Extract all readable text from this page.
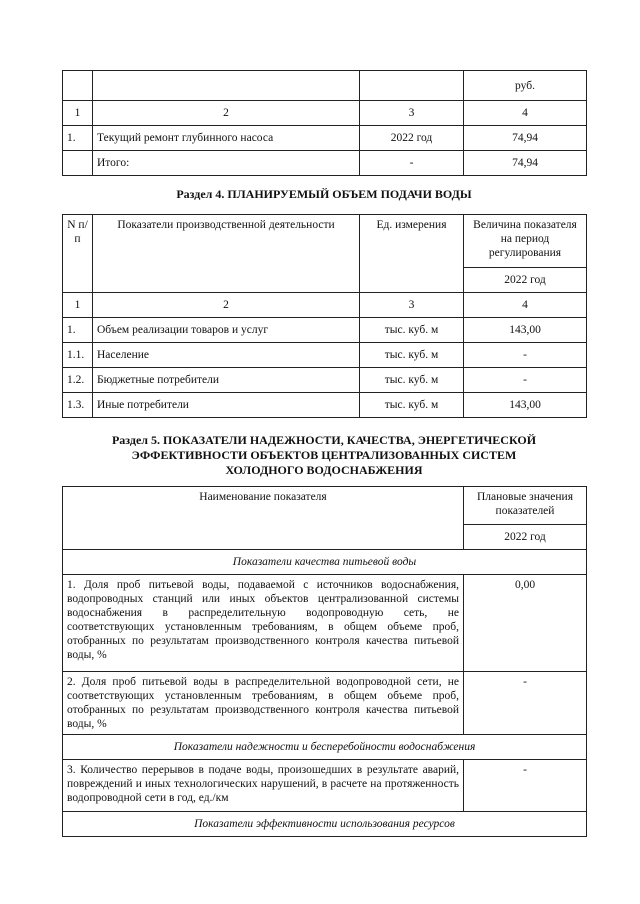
			руб.
1	2	3	4
1.	Текущий ремонт глубинного насоса	2022 год	74,94
	Итого:	-	74,94
Раздел 4. ПЛАНИРУЕМЫЙ ОБЪЕМ ПОДАЧИ ВОДЫ
N п/п	Показатели производственной деятельности	Ед. измерения	Величина показателя на период регулирования
			2022 год
1	2	3	4
1.	Объем реализации товаров и услуг	тыс. куб. м	143,00
1.1.	Население	тыс. куб. м	-
1.2.	Бюджетные потребители	тыс. куб. м	-
1.3.	Иные потребители	тыс. куб. м	143,00
Раздел 5. ПОКАЗАТЕЛИ НАДЕЖНОСТИ, КАЧЕСТВА, ЭНЕРГЕТИЧЕСКОЙ ЭФФЕКТИВНОСТИ ОБЪЕКТОВ ЦЕНТРАЛИЗОВАННЫХ СИСТЕМ ХОЛОДНОГО ВОДОСНАБЖЕНИЯ
Наименование показателя	Плановые значения показателей
	2022 год
Показатели качества питьевой воды	
1. Доля проб питьевой воды, подаваемой с источников водоснабжения, водопроводных станций или иных объектов централизованной системы водоснабжения в распределительную водопроводную сеть, не соответствующих установленным требованиям, в общем объеме проб, отобранных по результатам производственного контроля качества питьевой воды, %	0,00
2. Доля проб питьевой воды в распределительной водопроводной сети, не соответствующих установленным требованиям, в общем объеме проб, отобранных по результатам производственного контроля качества питьевой воды, %	-
Показатели надежности и бесперебойности водоснабжения	
3. Количество перерывов в подаче воды, произошедших в результате аварий, повреждений и иных технологических нарушений, в расчете на протяженность водопроводной сети в год, ед./км	-
Показатели эффективности использования ресурсов	
